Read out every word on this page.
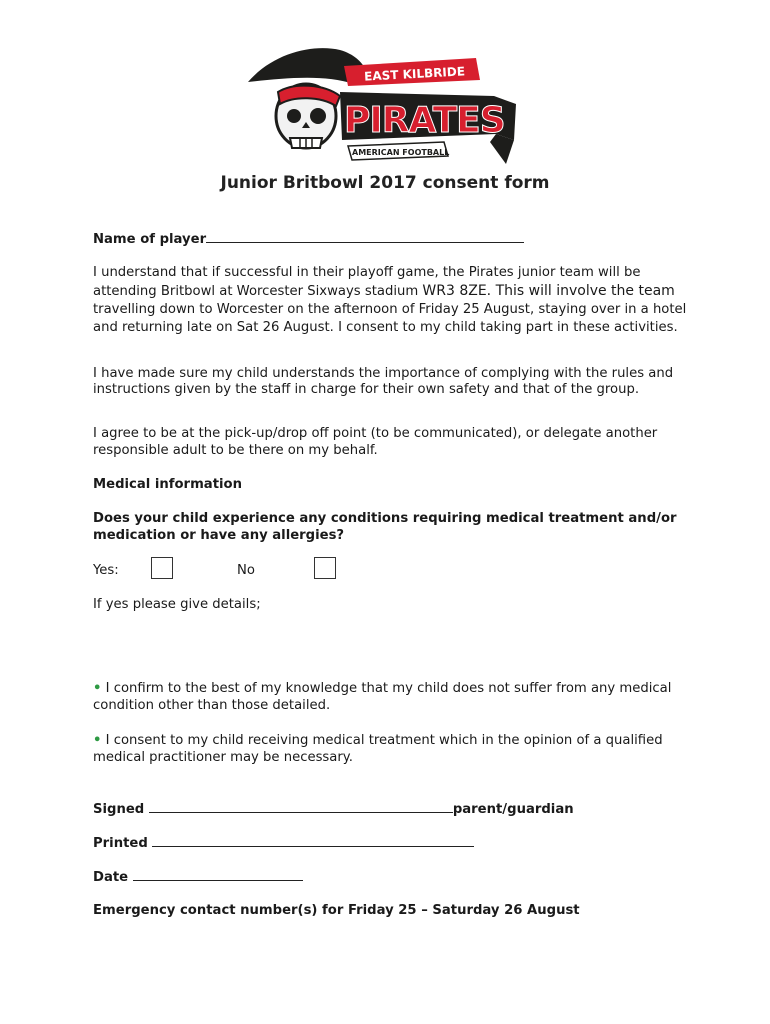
EAST KILBRIDE
PIRATES
AMERICAN FOOTBALL
Junior Britbowl 2017 consent form
Name of player
I understand that if successful in their playoff game, the Pirates junior team will be attending Britbowl at Worcester Sixways stadium WR3 8ZE. This will involve the team travelling down to Worcester on the afternoon of Friday 25 August, staying over in a hotel and returning late on Sat 26 August. I consent to my child taking part in these activities.
I have made sure my child understands the importance of complying with the rules and instructions given by the staff in charge for their own safety and that of the group.
I agree to be at the pick-up/drop off point (to be communicated), or delegate another responsible adult to be there on my behalf.
Medical information
Does your child experience any conditions requiring medical treatment and/or medication or have any allergies?
Yes:	No
If yes please give details;
• I confirm to the best of my knowledge that my child does not suffer from any medical condition other than those detailed.
• I consent to my child receiving medical treatment which in the opinion of a qualified medical practitioner may be necessary.
Signed	parent/guardian
Printed
Date
Emergency contact number(s) for Friday 25 – Saturday 26 August
